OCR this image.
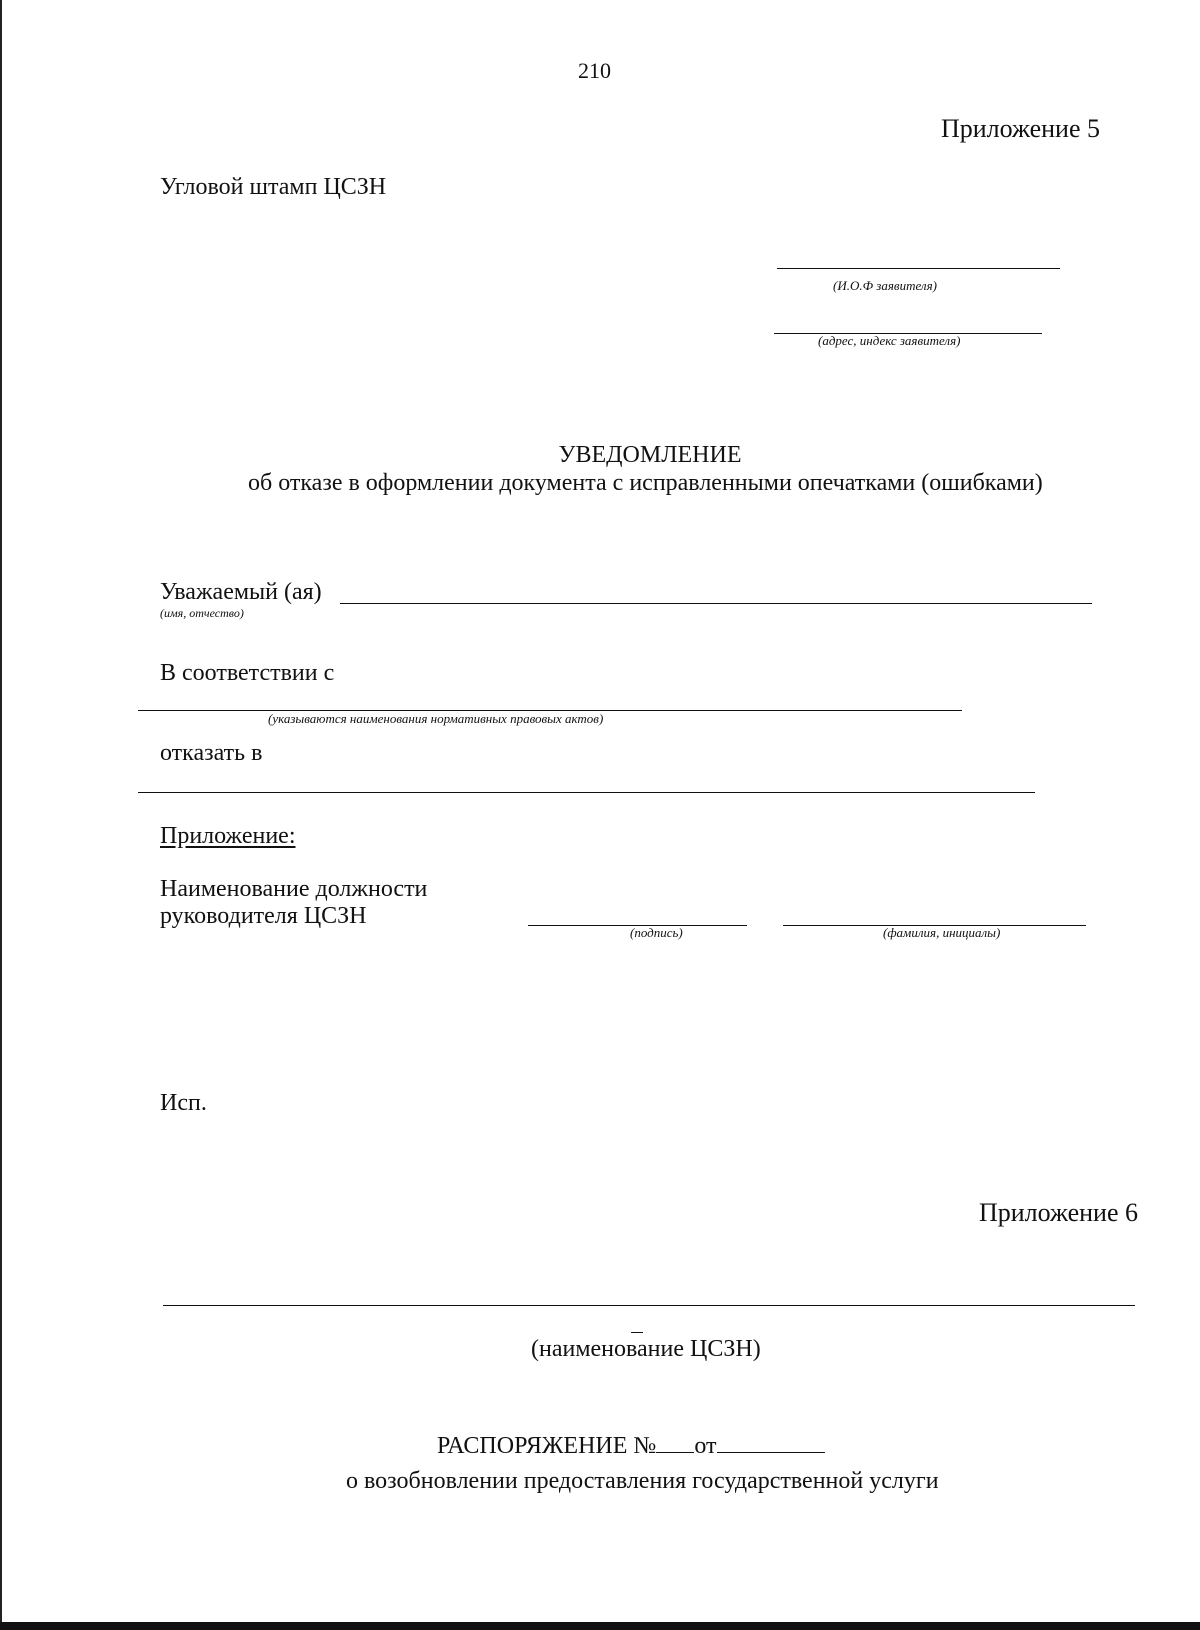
210
Приложение 5
Угловой штамп ЦСЗН
(И.О.Ф заявителя)
(адрес, индекс заявителя)
УВЕДОМЛЕНИЕ
об отказе в оформлении документа с исправленными опечатками (ошибками)
Уважаемый (ая)
(имя, отчество)
В соответствии с
(указываются наименования нормативных правовых актов)
отказать в
Приложение:
Наименование должности
руководителя ЦСЗН
(подпись)	(фамилия, инициалы)
Исп.
Приложение 6
(наименование ЦСЗН)
РАСПОРЯЖЕНИЕ № от
о возобновлении предоставления государственной услуги
